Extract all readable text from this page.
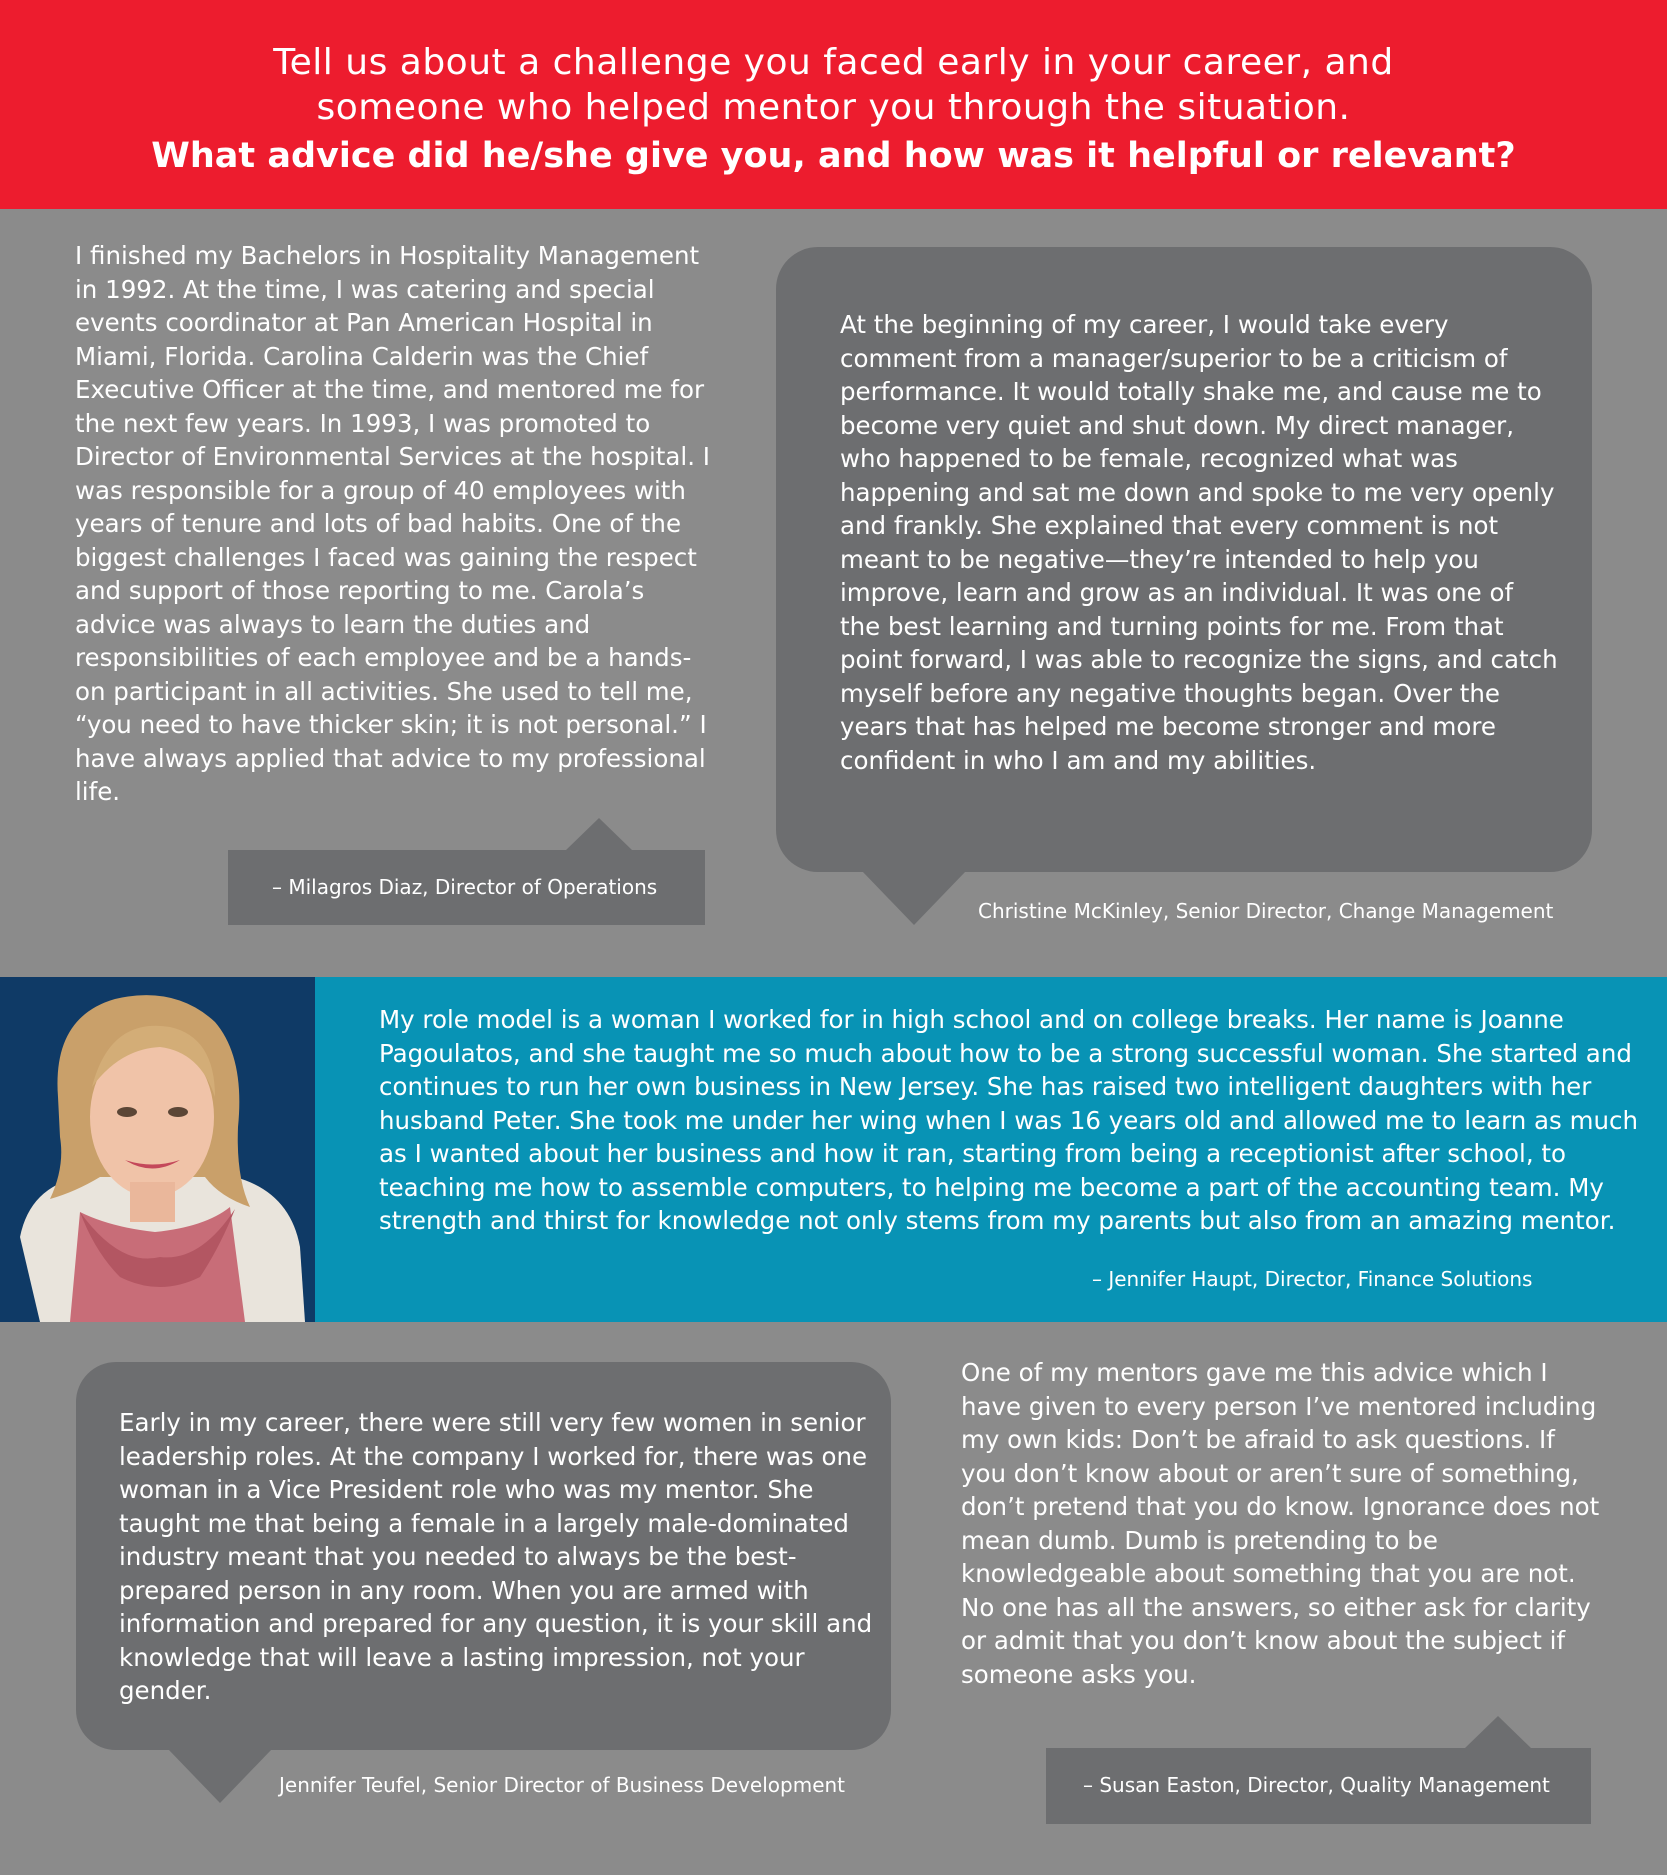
Tell us about a challenge you faced early in your career, and
someone who helped mentor you through the situation.
What advice did he/she give you, and how was it helpful or relevant?
I finished my Bachelors in Hospitality Management in 1992. At the time, I was catering and special events coordinator at Pan American Hospital in Miami, Florida. Carolina Calderin was the Chief Executive Officer at the time, and mentored me for the next few years. In 1993, I was promoted to Director of Environmental Services at the hospital. I was responsible for a group of 40 employees with years of tenure and lots of bad habits. One of the biggest challenges I faced was gaining the respect and support of those reporting to me. Carola’s advice was always to learn the duties and responsibilities of each employee and be a hands-on participant in all activities. She used to tell me, “you need to have thicker skin; it is not personal.” I have always applied that advice to my professional life.
– Milagros Diaz, Director of Operations
At the beginning of my career, I would take every comment from a manager/superior to be a criticism of performance. It would totally shake me, and cause me to become very quiet and shut down. My direct manager, who happened to be female, recognized what was happening and sat me down and spoke to me very openly and frankly. She explained that every comment is not meant to be negative—they’re intended to help you improve, learn and grow as an individual. It was one of the best learning and turning points for me. From that point forward, I was able to recognize the signs, and catch myself before any negative thoughts began. Over the years that has helped me become stronger and more confident in who I am and my abilities.
Christine McKinley, Senior Director, Change Management
My role model is a woman I worked for in high school and on college breaks. Her name is Joanne Pagoulatos, and she taught me so much about how to be a strong successful woman. She started and continues to run her own business in New Jersey. She has raised two intelligent daughters with her husband Peter. She took me under her wing when I was 16 years old and allowed me to learn as much as I wanted about her business and how it ran, starting from being a receptionist after school, to teaching me how to assemble computers, to helping me become a part of the accounting team. My strength and thirst for knowledge not only stems from my parents but also from an amazing mentor.
– Jennifer Haupt, Director, Finance Solutions
Early in my career, there were still very few women in senior leadership roles. At the company I worked for, there was one woman in a Vice President role who was my mentor. She taught me that being a female in a largely male-dominated industry meant that you needed to always be the best-prepared person in any room. When you are armed with information and prepared for any question, it is your skill and knowledge that will leave a lasting impression, not your gender.
Jennifer Teufel, Senior Director of Business Development
One of my mentors gave me this advice which I have given to every person I’ve mentored including my own kids: Don’t be afraid to ask questions. If you don’t know about or aren’t sure of something, don’t pretend that you do know. Ignorance does not mean dumb. Dumb is pretending to be knowledgeable about something that you are not. No one has all the answers, so either ask for clarity or admit that you don’t know about the subject if someone asks you.
– Susan Easton, Director, Quality Management
